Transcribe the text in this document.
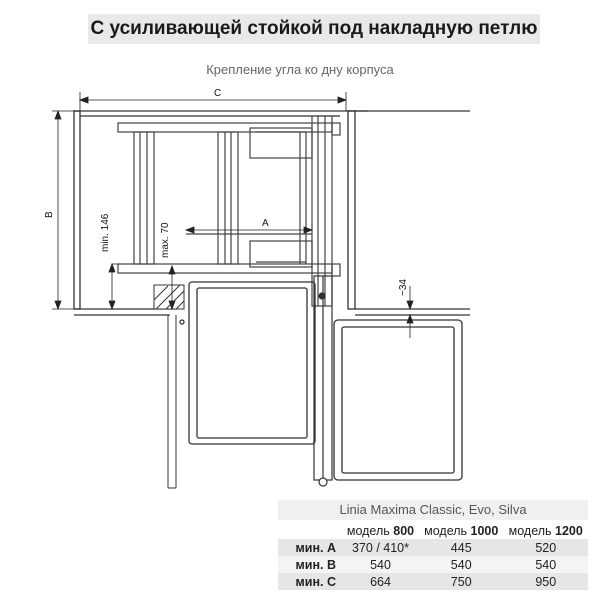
С усиливающей стойкой под накладную петлю
Крепление угла ко дну корпуса
C
B	min. 146	max. 70	A
~34
Linia Maxima Classic, Evo, Silva
	модель 800	модель 1000	модель 1200
мин. A	370 / 410*	445	520
мин. B	540	540	540
мин. C	664	750	950
